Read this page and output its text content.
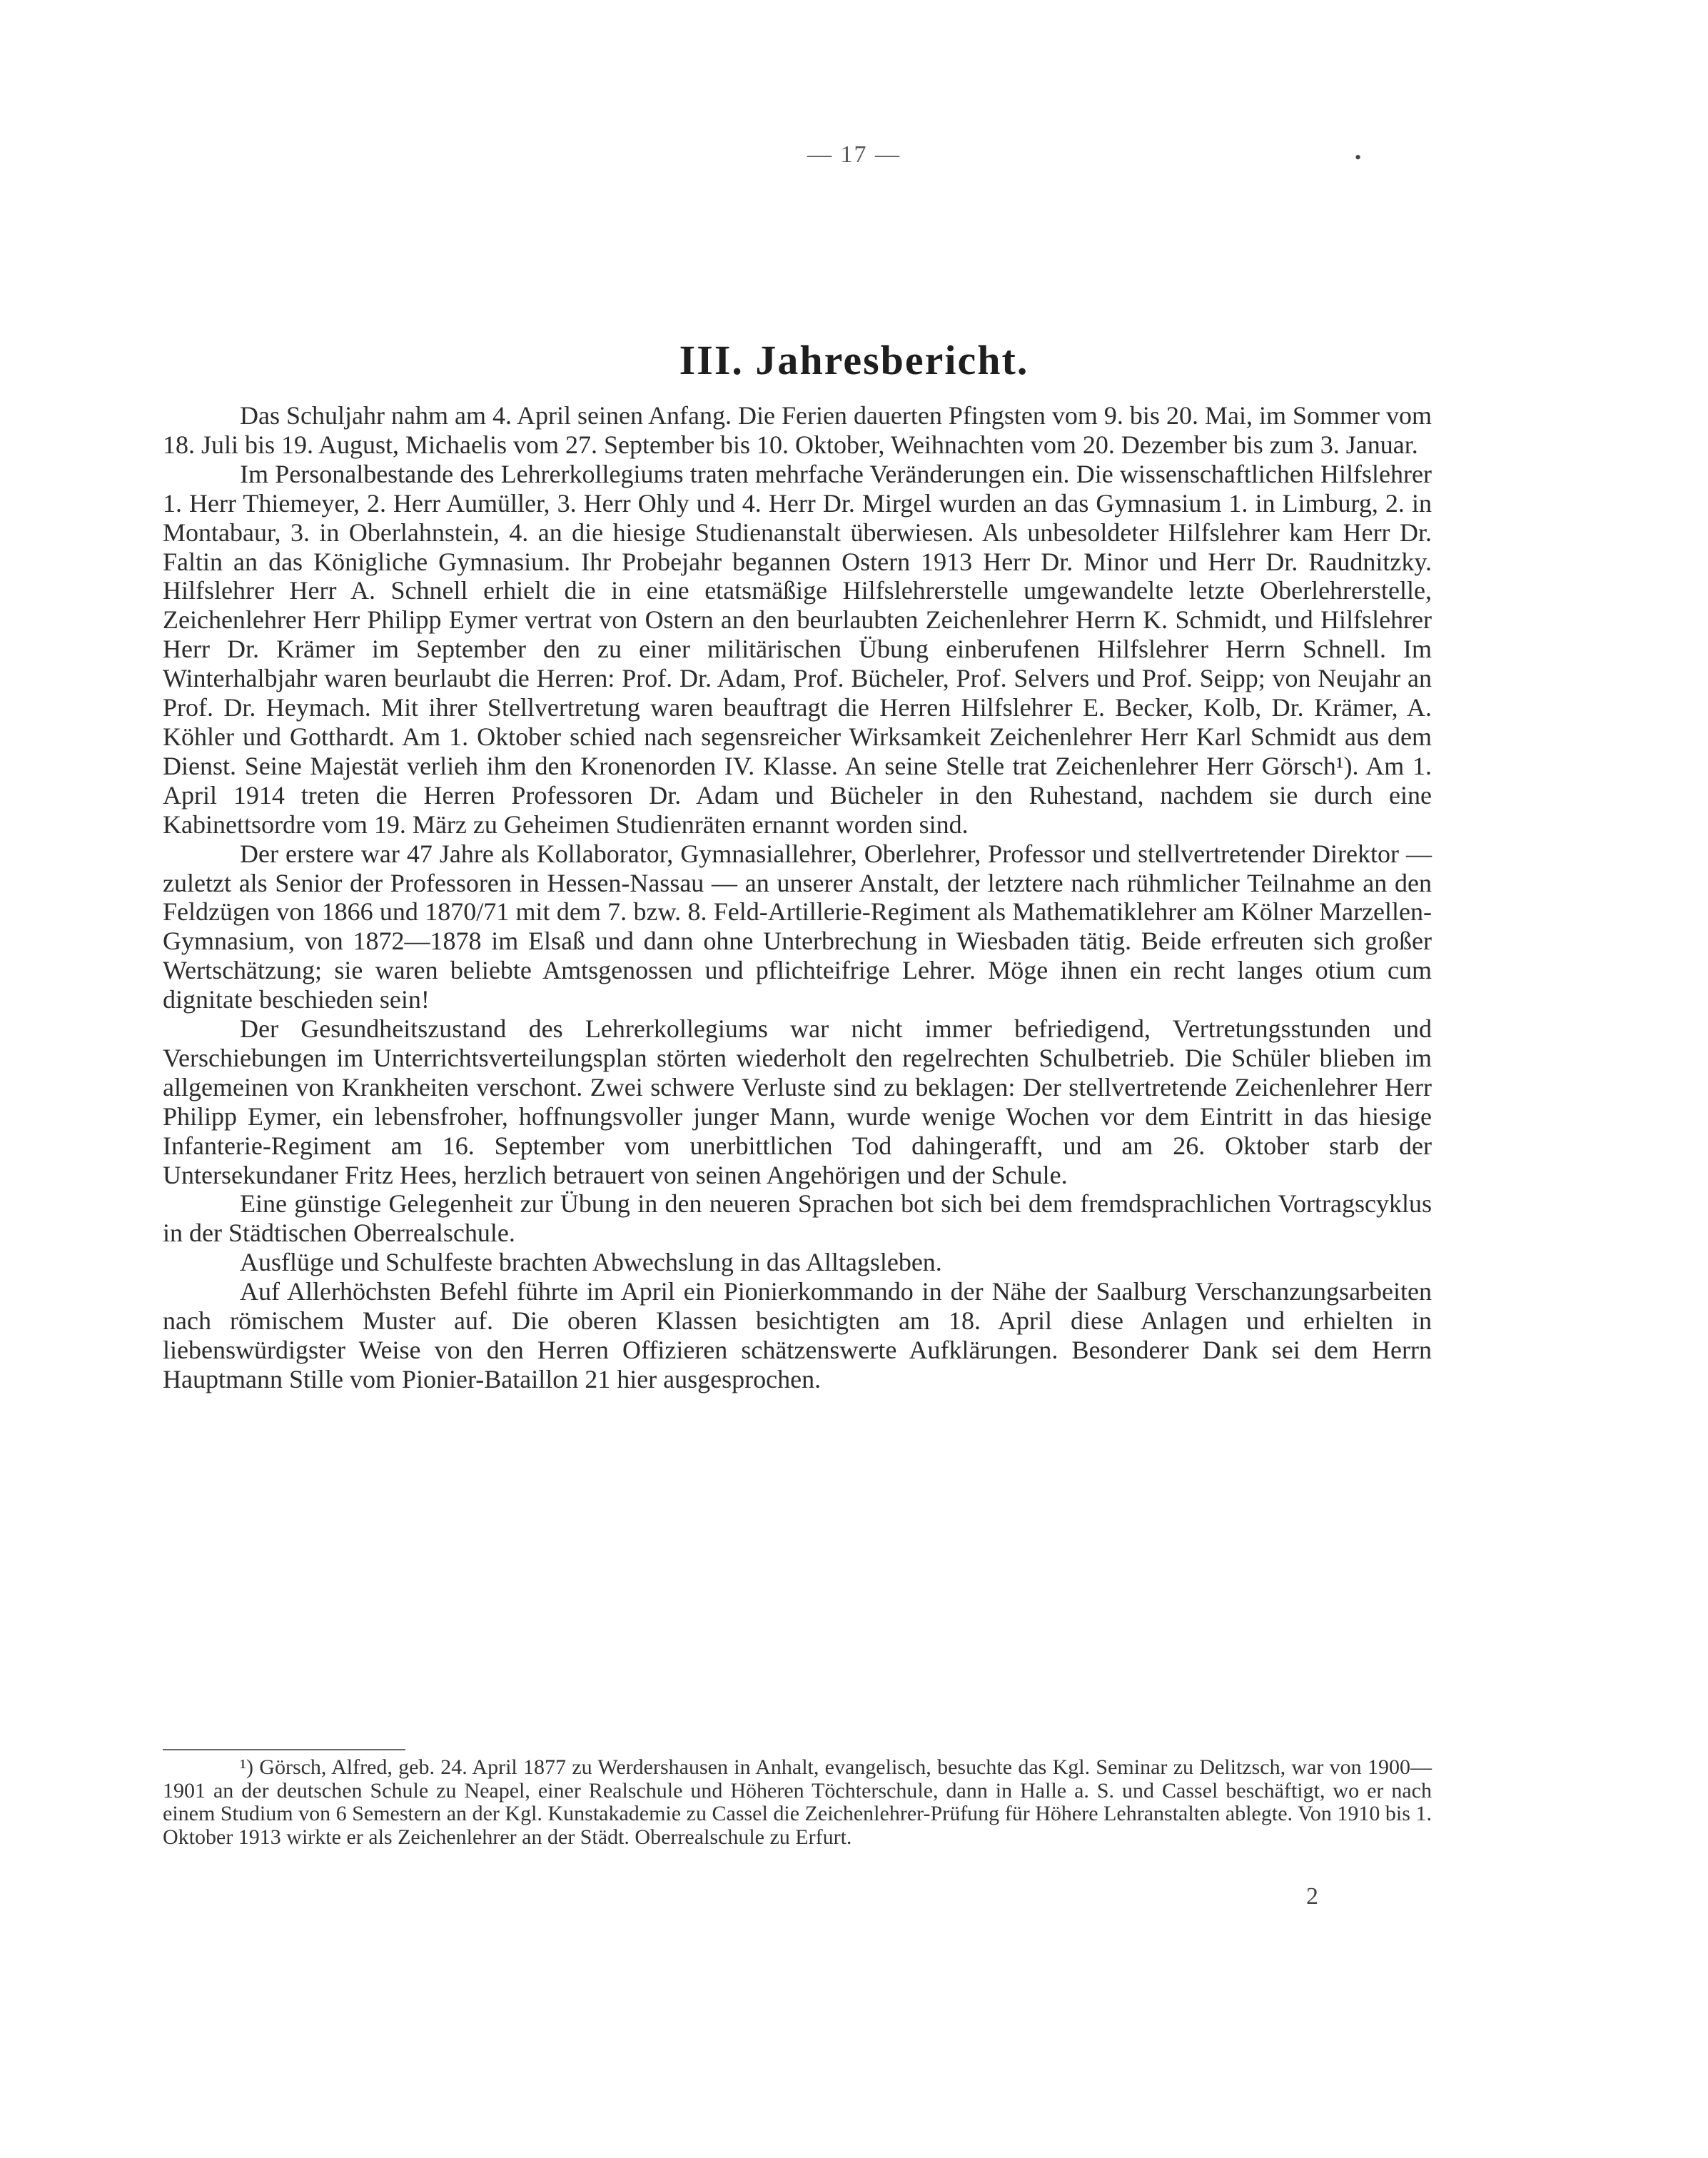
— 17 —	•
III. Jahresbericht.

Das Schuljahr nahm am 4. April seinen Anfang. Die Ferien dauerten Pfingsten vom 9. bis 20. Mai, im Sommer vom 18. Juli bis 19. August, Michaelis vom 27. September bis 10. Oktober, Weihnachten vom 20. Dezember bis zum 3. Januar.

Im Personalbestande des Lehrerkollegiums traten mehrfache Veränderungen ein. Die wissenschaftlichen Hilfslehrer 1. Herr Thiemeyer, 2. Herr Aumüller, 3. Herr Ohly und 4. Herr Dr. Mirgel wurden an das Gymnasium 1. in Limburg, 2. in Montabaur, 3. in Oberlahnstein, 4. an die hiesige Studienanstalt überwiesen. Als unbesoldeter Hilfslehrer kam Herr Dr. Faltin an das Königliche Gymnasium. Ihr Probejahr begannen Ostern 1913 Herr Dr. Minor und Herr Dr. Raudnitzky. Hilfslehrer Herr A. Schnell erhielt die in eine etatsmäßige Hilfslehrerstelle umgewandelte letzte Oberlehrerstelle, Zeichenlehrer Herr Philipp Eymer vertrat von Ostern an den beurlaubten Zeichenlehrer Herrn K. Schmidt, und Hilfslehrer Herr Dr. Krämer im September den zu einer militärischen Übung einberufenen Hilfslehrer Herrn Schnell. Im Winterhalbjahr waren beurlaubt die Herren: Prof. Dr. Adam, Prof. Bücheler, Prof. Selvers und Prof. Seipp; von Neujahr an Prof. Dr. Heymach. Mit ihrer Stellvertretung waren beauftragt die Herren Hilfslehrer E. Becker, Kolb, Dr. Krämer, A. Köhler und Gotthardt. Am 1. Oktober schied nach segensreicher Wirksamkeit Zeichenlehrer Herr Karl Schmidt aus dem Dienst. Seine Majestät verlieh ihm den Kronenorden IV. Klasse. An seine Stelle trat Zeichenlehrer Herr Görsch¹). Am 1. April 1914 treten die Herren Professoren Dr. Adam und Bücheler in den Ruhestand, nachdem sie durch eine Kabinettsordre vom 19. März zu Geheimen Studienräten ernannt worden sind.

Der erstere war 47 Jahre als Kollaborator, Gymnasiallehrer, Oberlehrer, Professor und stellvertretender Direktor — zuletzt als Senior der Professoren in Hessen-Nassau — an unserer Anstalt, der letztere nach rühmlicher Teilnahme an den Feldzügen von 1866 und 1870/71 mit dem 7. bzw. 8. Feld-Artillerie-Regiment als Mathematiklehrer am Kölner Marzellen-Gymnasium, von 1872—1878 im Elsaß und dann ohne Unterbrechung in Wiesbaden tätig. Beide erfreuten sich großer Wertschätzung; sie waren beliebte Amtsgenossen und pflichteifrige Lehrer. Möge ihnen ein recht langes otium cum dignitate beschieden sein!

Der Gesundheitszustand des Lehrerkollegiums war nicht immer befriedigend, Vertretungsstunden und Verschiebungen im Unterrichtsverteilungsplan störten wiederholt den regelrechten Schulbetrieb. Die Schüler blieben im allgemeinen von Krankheiten verschont. Zwei schwere Verluste sind zu beklagen: Der stellvertretende Zeichenlehrer Herr Philipp Eymer, ein lebensfroher, hoffnungsvoller junger Mann, wurde wenige Wochen vor dem Eintritt in das hiesige Infanterie-Regiment am 16. September vom unerbittlichen Tod dahingerafft, und am 26. Oktober starb der Untersekundaner Fritz Hees, herzlich betrauert von seinen Angehörigen und der Schule.

Eine günstige Gelegenheit zur Übung in den neueren Sprachen bot sich bei dem fremdsprachlichen Vortragscyklus in der Städtischen Oberrealschule.

Ausflüge und Schulfeste brachten Abwechslung in das Alltagsleben.

Auf Allerhöchsten Befehl führte im April ein Pionierkommando in der Nähe der Saalburg Verschanzungsarbeiten nach römischem Muster auf. Die oberen Klassen besichtigten am 18. April diese Anlagen und erhielten in liebenswürdigster Weise von den Herren Offizieren schätzenswerte Aufklärungen. Besonderer Dank sei dem Herrn Hauptmann Stille vom Pionier-Bataillon 21 hier ausgesprochen.

¹) Görsch, Alfred, geb. 24. April 1877 zu Werdershausen in Anhalt, evangelisch, besuchte das Kgl. Seminar zu Delitzsch, war von 1900—1901 an der deutschen Schule zu Neapel, einer Realschule und Höheren Töchterschule, dann in Halle a. S. und Cassel beschäftigt, wo er nach einem Studium von 6 Semestern an der Kgl. Kunstakademie zu Cassel die Zeichenlehrer-Prüfung für Höhere Lehranstalten ablegte. Von 1910 bis 1. Oktober 1913 wirkte er als Zeichenlehrer an der Städt. Oberrealschule zu Erfurt.

2
